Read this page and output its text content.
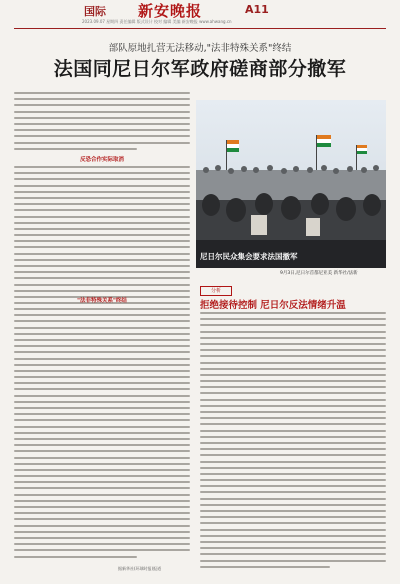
国际 新安晚报	A11
2023.09.07 星期四 责任编辑 版式设计 校对 编辑 美编 新安晚报 www.ahwang.cn
部队原地扎营无法移动,"法非特殊关系"终结
法国同尼日尔军政府磋商部分撤军
反恐合作实际取消
"法非特殊关系"终结
据新华社(环球时报)报道
尼日尔民众集会要求法国撤军
9月3日,尼日尔首都尼亚美 新华社/法新
分析
拒绝接待控制 尼日尔反法情绪升温
